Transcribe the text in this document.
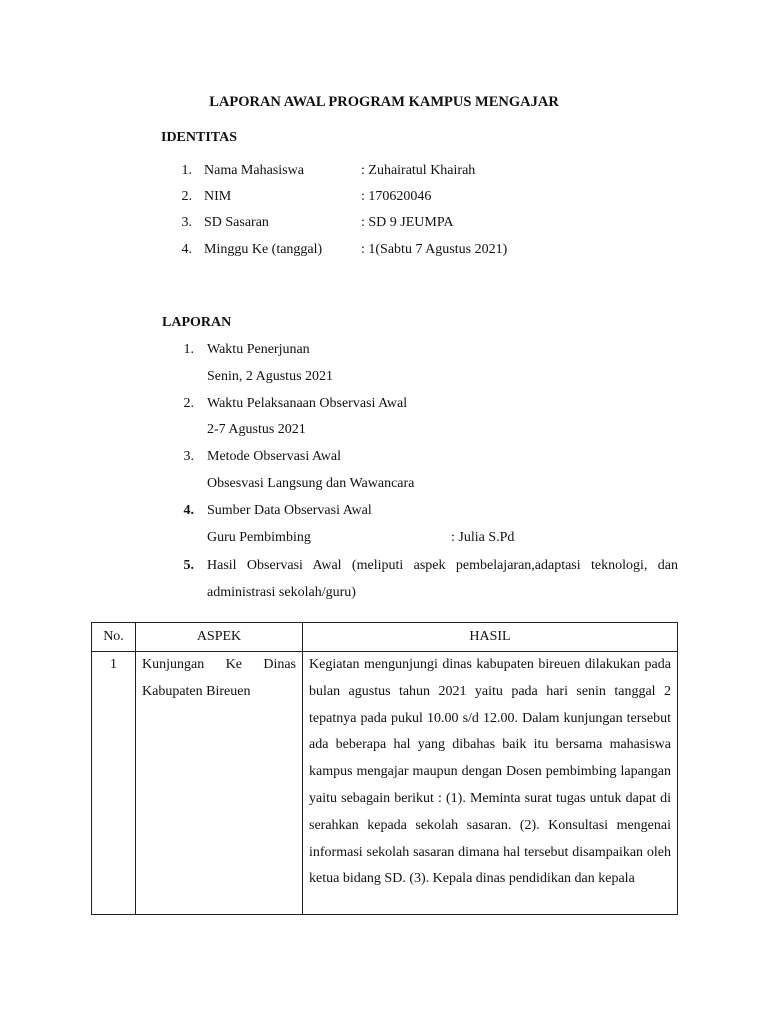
LAPORAN AWAL PROGRAM KAMPUS MENGAJAR
IDENTITAS
1. Nama Mahasiswa	: Zuhairatul Khairah
2. NIM	: 170620046
3. SD Sasaran	: SD 9 JEUMPA
4. Minggu Ke (tanggal)	: 1(Sabtu 7 Agustus 2021)
LAPORAN
1. Waktu Penerjunan
Senin, 2 Agustus 2021
2. Waktu Pelaksanaan Observasi Awal
2-7 Agustus 2021
3. Metode Observasi Awal
Obsesvasi Langsung dan Wawancara
4. Sumber Data Observasi Awal
Guru Pembimbing	: Julia S.Pd
5. Hasil Observasi Awal (meliputi aspek pembelajaran,adaptasi teknologi, dan
administrasi sekolah/guru)
No.	ASPEK	HASIL

1	Kunjungan Ke Dinas Kabupaten Bireuen	Kegiatan mengunjungi dinas kabupaten bireuen dilakukan pada bulan agustus tahun 2021 yaitu pada hari senin tanggal 2 tepatnya pada pukul 10.00 s/d 12.00. Dalam kunjungan tersebut ada beberapa hal yang dibahas baik itu bersama mahasiswa kampus mengajar maupun dengan Dosen pembimbing lapangan yaitu sebagain berikut : (1). Meminta surat tugas untuk dapat di serahkan kepada sekolah sasaran. (2). Konsultasi mengenai informasi sekolah sasaran dimana hal tersebut disampaikan oleh ketua bidang SD. (3). Kepala dinas pendidikan dan kepala
